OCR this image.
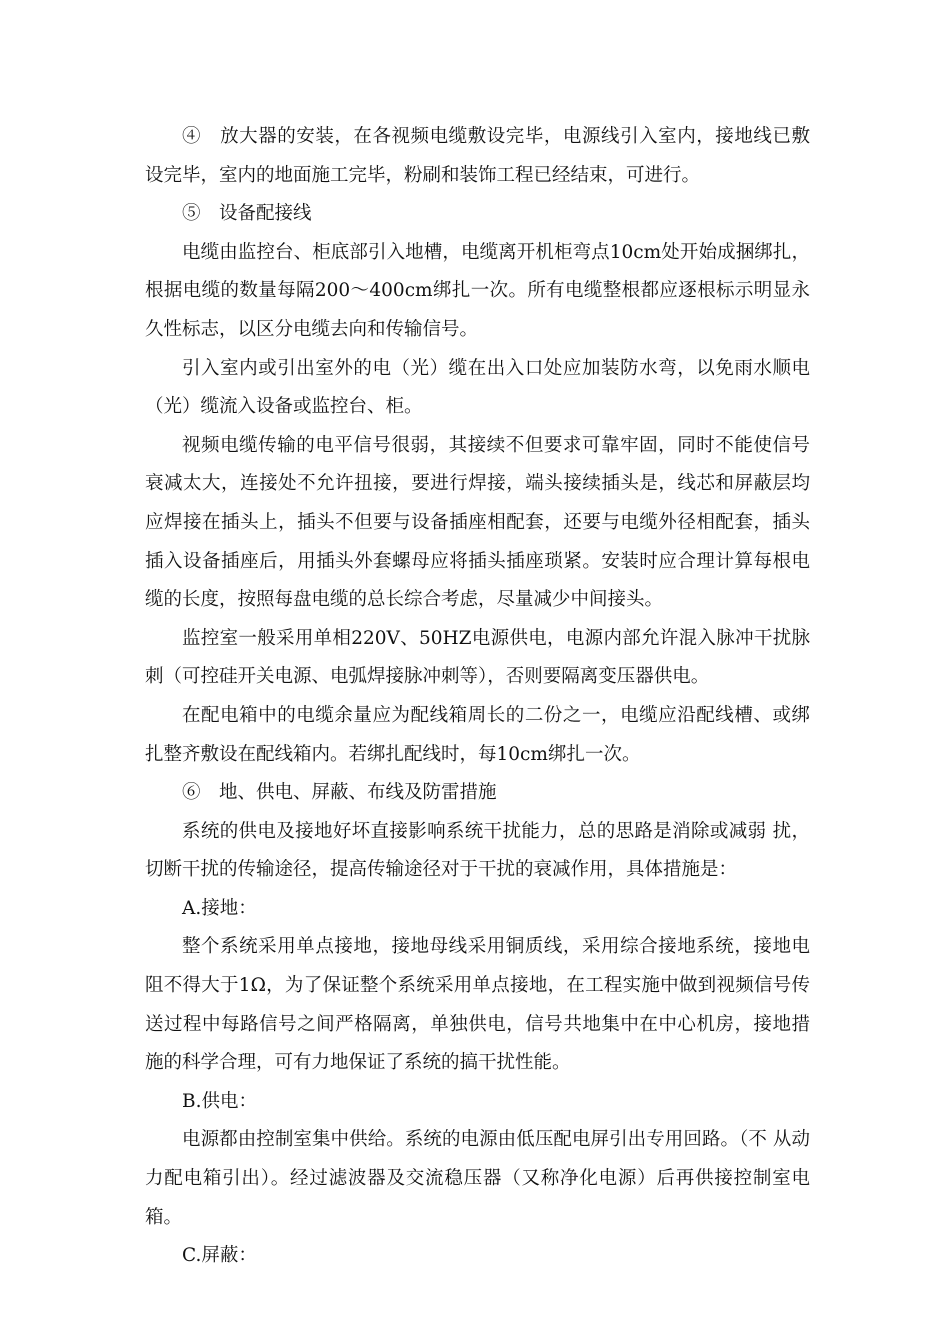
④　放大器的安装，在各视频电缆敷设完毕，电源线引入室内，接地线已敷设完毕，室内的地面施工完毕，粉刷和装饰工程已经结束，可进行。

⑤　设备配接线

电缆由监控台、柜底部引入地槽，电缆离开机柜弯点10cm处开始成捆绑扎，根据电缆的数量每隔200～400cm绑扎一次。所有电缆整根都应逐根标示明显永久性标志，以区分电缆去向和传输信号。

引入室内或引出室外的电（光）缆在出入口处应加装防水弯，以免雨水顺电（光）缆流入设备或监控台、柜。

视频电缆传输的电平信号很弱，其接续不但要求可靠牢固，同时不能使信号衰减太大，连接处不允许扭接，要进行焊接，端头接续插头是，线芯和屏蔽层均应焊接在插头上，插头不但要与设备插座相配套，还要与电缆外径相配套，插头插入设备插座后，用插头外套螺母应将插头插座琐紧。安装时应合理计算每根电缆的长度，按照每盘电缆的总长综合考虑，尽量减少中间接头。

监控室一般采用单相220V、50HZ电源供电，电源内部允许混入脉冲干扰脉刺（可控硅开关电源、电弧焊接脉冲刺等），否则要隔离变压器供电。

在配电箱中的电缆余量应为配线箱周长的二份之一，电缆应沿配线槽、或绑扎整齐敷设在配线箱内。若绑扎配线时，每10cm绑扎一次。

⑥　地、供电、屏蔽、布线及防雷措施

系统的供电及接地好坏直接影响系统干扰能力，总的思路是消除或减弱 扰，切断干扰的传输途径，提高传输途径对于干扰的衰减作用，具体措施是：

A.接地：

整个系统采用单点接地，接地母线采用铜质线，采用综合接地系统，接地电阻不得大于1Ω，为了保证整个系统采用单点接地，在工程实施中做到视频信号传送过程中每路信号之间严格隔离，单独供电，信号共地集中在中心机房，接地措施的科学合理，可有力地保证了系统的搞干扰性能。

B.供电：

电源都由控制室集中供给。系统的电源由低压配电屏引出专用回路。（不 从动力配电箱引出）。经过滤波器及交流稳压器（又称净化电源）后再供接控制室电箱。

C.屏蔽：
